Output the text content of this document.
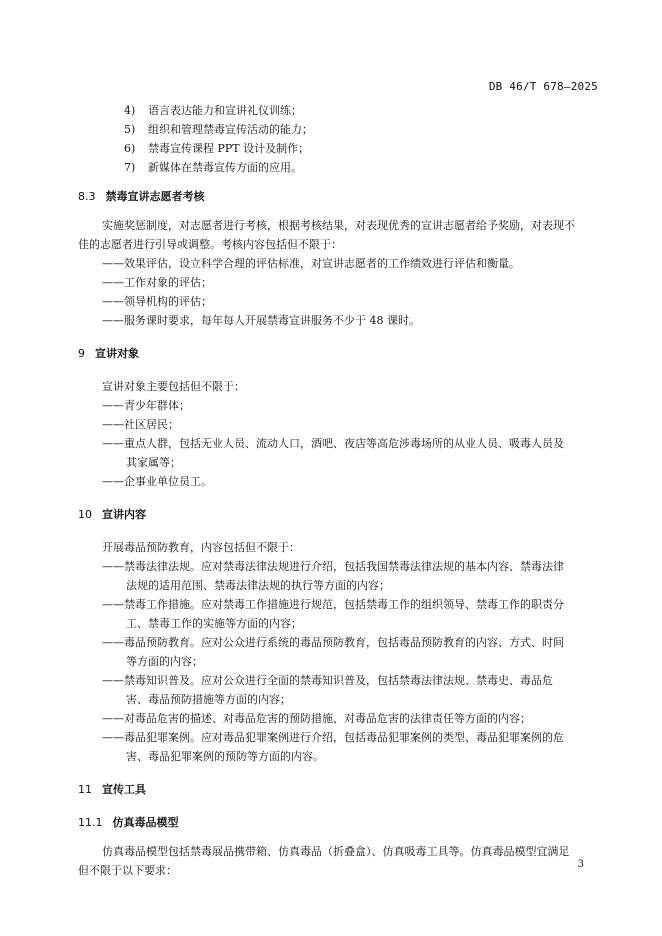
DB 46/T 678—2025
4) 语言表达能力和宣讲礼仪训练；
5) 组织和管理禁毒宣传活动的能力；
6) 禁毒宣传课程 PPT 设计及制作；
7) 新媒体在禁毒宣传方面的应用。
8.3 禁毒宣讲志愿者考核
实施奖惩制度，对志愿者进行考核，根据考核结果，对表现优秀的宣讲志愿者给予奖励，对表现不
佳的志愿者进行引导或调整。考核内容包括但不限于：
——效果评估，设立科学合理的评估标准，对宣讲志愿者的工作绩效进行评估和衡量。
——工作对象的评估；
——领导机构的评估；
——服务课时要求，每年每人开展禁毒宣讲服务不少于 48 课时。
9 宣讲对象
宣讲对象主要包括但不限于：
——青少年群体；
——社区居民；
——重点人群，包括无业人员、流动人口，酒吧、夜店等高危涉毒场所的从业人员、吸毒人员及
其家属等；
——企事业单位员工。
10 宣讲内容
开展毒品预防教育，内容包括但不限于：
——禁毒法律法规。应对禁毒法律法规进行介绍，包括我国禁毒法律法规的基本内容、禁毒法律
法规的适用范围、禁毒法律法规的执行等方面的内容；
——禁毒工作措施。应对禁毒工作措施进行规范，包括禁毒工作的组织领导、禁毒工作的职责分
工、禁毒工作的实施等方面的内容；
——毒品预防教育。应对公众进行系统的毒品预防教育，包括毒品预防教育的内容、方式、时间
等方面的内容；
——禁毒知识普及。应对公众进行全面的禁毒知识普及，包括禁毒法律法规、禁毒史、毒品危
害、毒品预防措施等方面的内容；
——对毒品危害的描述、对毒品危害的预防措施、对毒品危害的法律责任等方面的内容；
——毒品犯罪案例。应对毒品犯罪案例进行介绍，包括毒品犯罪案例的类型、毒品犯罪案例的危
害、毒品犯罪案例的预防等方面的内容。
11 宣传工具
11.1 仿真毒品模型
仿真毒品模型包括禁毒展品携带箱、仿真毒品（折叠盒）、仿真吸毒工具等。仿真毒品模型宜满足
但不限于以下要求：	3
